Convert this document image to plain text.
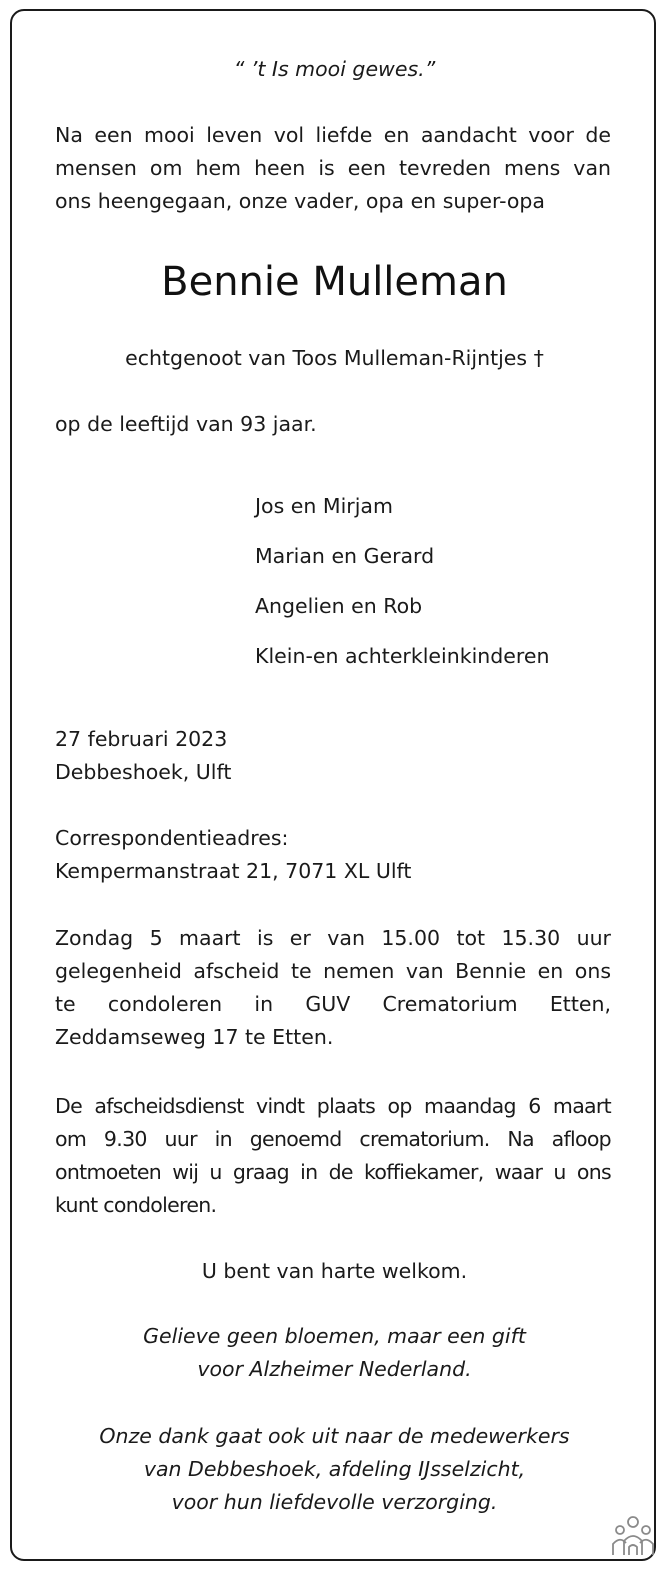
“ ’t Is mooi gewes.”

Na een mooi leven vol liefde en aandacht voor de
mensen om hem heen is een tevreden mens van
ons heengegaan, onze vader, opa en super-opa
Bennie Mulleman

echtgenoot van Toos Mulleman-Rijntjes †

op de leeftijd van 93 jaar.

Jos en Mirjam
Marian en Gerard
Angelien en Rob
Klein-en achterkleinkinderen

27 februari 2023

Debbeshoek, Ulft

Correspondentieadres:

Kempermanstraat 21, 7071 XL Ulft

Zondag 5 maart is er van 15.00 tot 15.30 uur
gelegenheid afscheid te nemen van Bennie en ons
te condoleren in GUV Crematorium Etten,
Zeddamseweg 17 te Etten.
De afscheidsdienst vindt plaats op maandag 6 maart
om 9.30 uur in genoemd crematorium. Na afloop
ontmoeten wij u graag in de koffiekamer, waar u ons
kunt condoleren.

U bent van harte welkom.

Gelieve geen bloemen, maar een gift

voor Alzheimer Nederland.

Onze dank gaat ook uit naar de medewerkers

van Debbeshoek, afdeling IJsselzicht,

voor hun liefdevolle verzorging.
